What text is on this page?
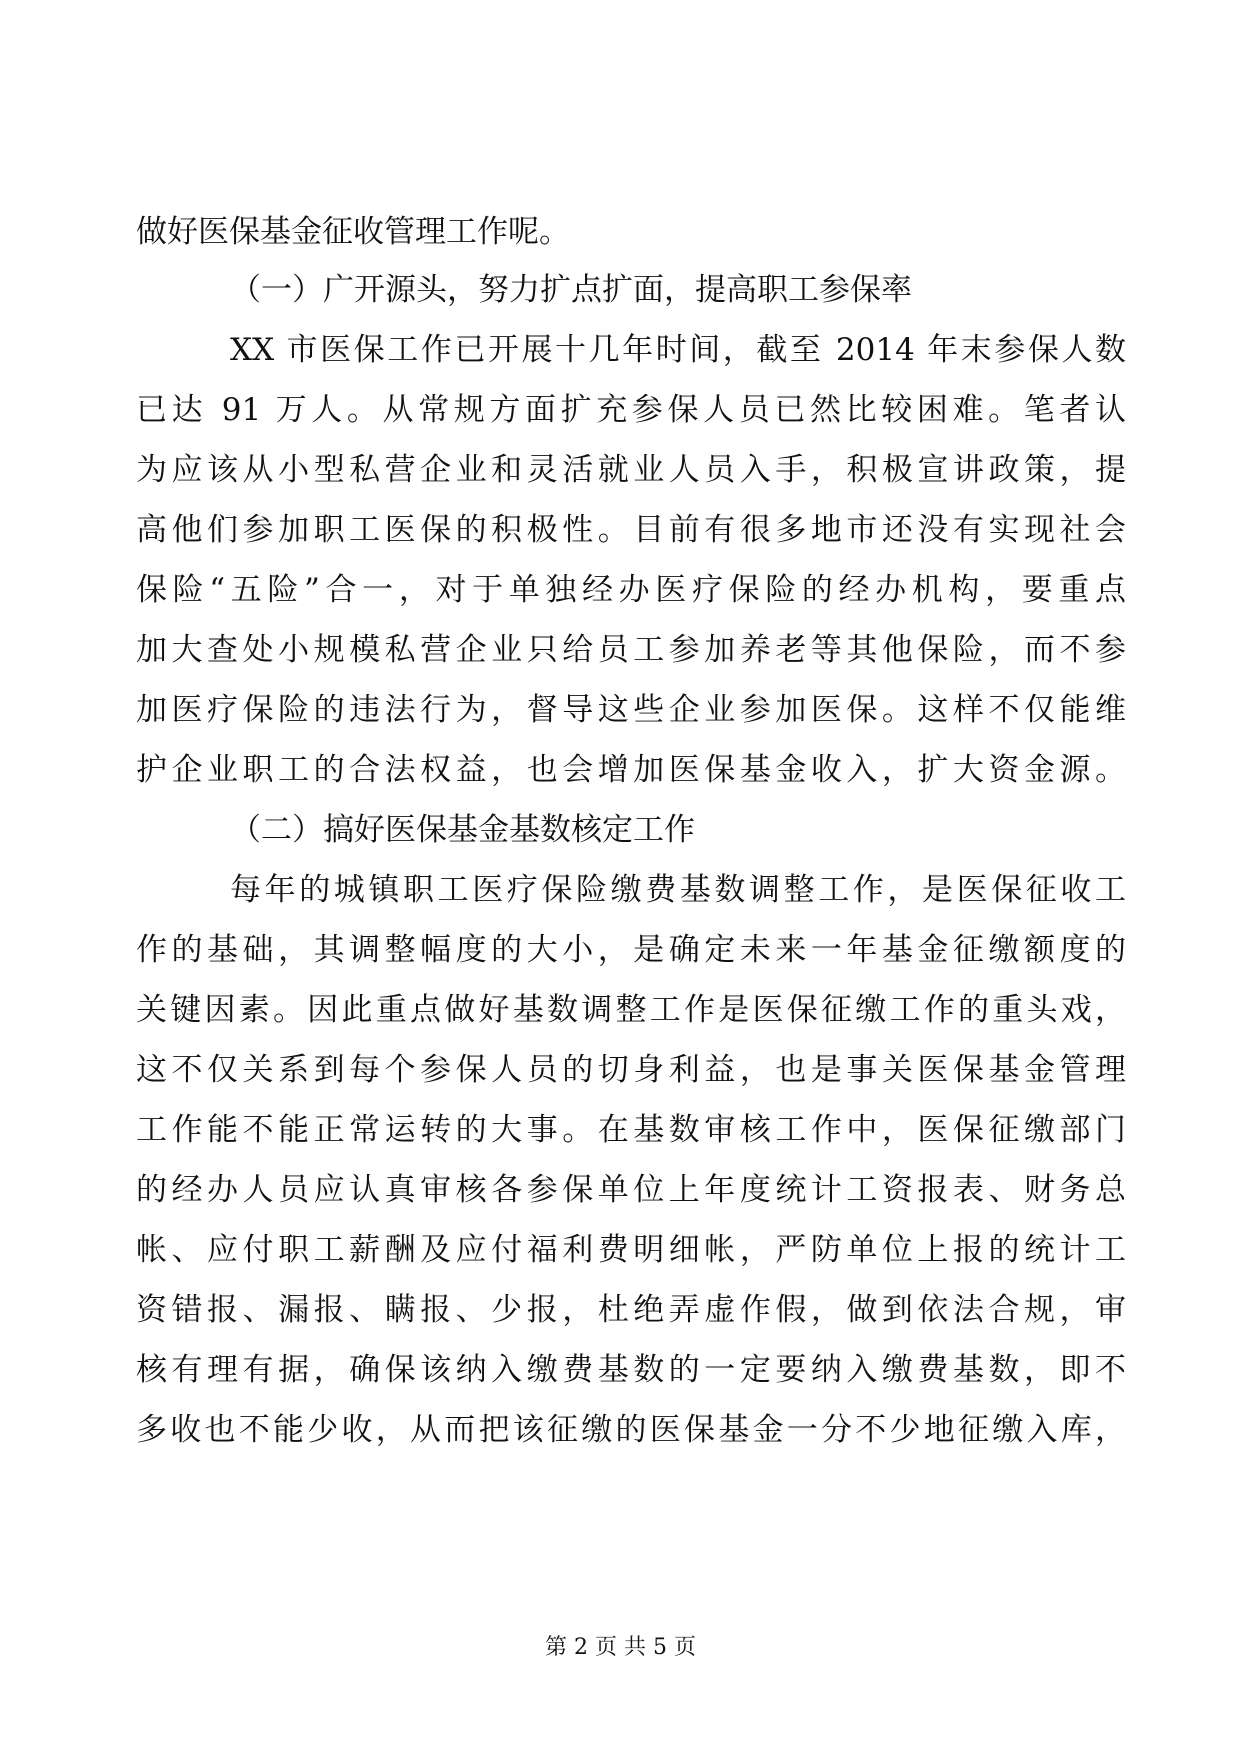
做好医保基金征收管理工作呢。
（一）广开源头，努力扩点扩面，提高职工参保率
XX 市医保工作已开展十几年时间，截至 2014 年末参保人数
已达 91 万人。从常规方面扩充参保人员已然比较困难。笔者认
为应该从小型私营企业和灵活就业人员入手，积极宣讲政策，提
高他们参加职工医保的积极性。目前有很多地市还没有实现社会
保险“五险”合一，对于单独经办医疗保险的经办机构，要重点
加大查处小规模私营企业只给员工参加养老等其他保险，而不参
加医疗保险的违法行为，督导这些企业参加医保。这样不仅能维
护企业职工的合法权益，也会增加医保基金收入，扩大资金源。
（二）搞好医保基金基数核定工作
每年的城镇职工医疗保险缴费基数调整工作，是医保征收工
作的基础，其调整幅度的大小，是确定未来一年基金征缴额度的
关键因素。因此重点做好基数调整工作是医保征缴工作的重头戏，
这不仅关系到每个参保人员的切身利益，也是事关医保基金管理
工作能不能正常运转的大事。在基数审核工作中，医保征缴部门
的经办人员应认真审核各参保单位上年度统计工资报表、财务总
帐、应付职工薪酬及应付福利费明细帐，严防单位上报的统计工
资错报、漏报、瞒报、少报，杜绝弄虚作假，做到依法合规，审
核有理有据，确保该纳入缴费基数的一定要纳入缴费基数，即不
多收也不能少收，从而把该征缴的医保基金一分不少地征缴入库，
第 2 页 共 5 页
